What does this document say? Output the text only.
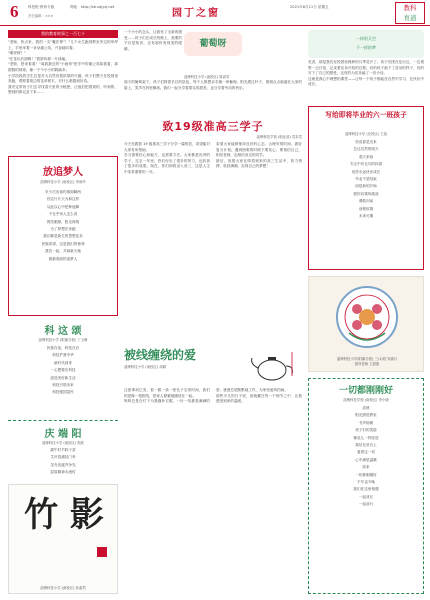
6	科技报·教育专版	网址：http://zb.sdjyzj.net
园丁之窗
2021年6月11日 星期五
责任编辑：×××
教科
育道
我的教育故事之一百七十
"老师，快点来，我的一支"魔法棒"！"几个女生跑到教室旁边的草坪上，手里举着一朵朵蒲公英，兴奋地叫着。
"哪里呀？"
"在花坛后面啊！"我望向那一片绿地。
"老师，您来看看！"离我最近的"小画家"把手中的蒲公英给我看，那圆圆的绒球，像一个个小小的降落伞。
小学阶段的学生总是对大自然有着浓厚的兴趣，孩子们整天在校园里奔跑，观察着周边的花草树木，对什么都感到好奇。
我决定带孩子们去寻找春天里的小秘密，让他们把看到的、听到的、想到的都记录下来……
放追梦人
淄博科技小学 (南校区) 李雨玲
多少次出寒伤寒卸脚两
你这片片天为和这样
从此以心中把种他脚
不在乎别人怎么说
擦亮眼睛，阳光再明
为了梦想在奔跑
我们都是新生的思想花朵
民族希望，这是我们的使命
我们一起，共商新天地
做最美丽的追梦人
科 这 颂
淄博科技小学 (附属分校) 丁玉琳
民族在前，科技在后
科技护我中华
新时代到来
一心想要在科技
创造美好新生活
科技引领未来
科技强国富民
庆 端 阳
淄博科技小学 (南校区) 郭欣
端午时节粽子香
艾叶菖蒲挂门旁
龙舟竞渡齐争先
屈原精神永流传
竹 影
淄博科技小学 (南校区) 孙嘉然
一个小小的念头，让我有了全新的感受……孩子们在成长的路上，需要的不仅是知识，还有那份发现美的眼睛。	葡萄呀
淄博科技小学 (南校区) 陈高雪
那天的葡萄架下，孩子们排着长长的队伍，每个人都想亲手摘一串葡萄。阳光透过叶子，斑斑点点地落在大家的脸上，笑声在风里飘荡。我们一起分享着果实的甜美，也分享着劳动的快乐。
致19级准高三学子
淄博科技学校 (职业部) 袁彩雪
今天先跟我 19 级准高三学子分享一篇短语，希望能对大家有所帮助。
学习需要信心和毅力，也需要方法。大家都是优秀的学子，过去一年里，你们付出了很多的努力，也收获了很多的成果。现在，你们即将迈入高三，这是人生中非常重要的一年。
希望大家能够保持良好的心态，合理安排时间，做好复习计划。遇到困难的时候不要灰心，要相信自己，相信老师，也相信身边的同学。
最后，祝愿大家在即将到来的高三生活中，努力拼搏，收获满满，实现自己的梦想！
被线缠绕的爱
淄博科技小学 (南校区) 周晴
注意事项已发，看一眼一条一张孔子宝贵时间，我们的爱像一根根线，把家人紧紧地缠绕在一起。
妈妈总是在灯下为我缝补衣服，一针一线都是满满的爱；爸爸总是默默地工作，为家里遮风挡雨。
那些平凡的日子里，爱就藏在每一个细节之中，让我感受到家的温暖。
一样的天空
不一样的梦
花香，那是我们在校园里栽种的月季花开了。孩子们围在花坛边，一边观察一边讨论，记录着花朵开放的过程。有的孩子画下了花朵的样子，有的写下了自己的感受，还有的为花朵编了一首小诗。
这就是我心中理想的课堂——让每一个孩子都能在自然中学习，在快乐中成长。
写给即将毕业的六一班孩子
淄博科技小学 (北校区) 王莫
你说春是迟来
总还自然的明天
春天来临
专注中有无尽的执着
祝你永远快乐成长
毕业不是结束
而是新的开始
愿你们乘风破浪
勇敢向前
前程似锦
未来可期
淄博科技小学(附属分校) 三(1)班 刘嘉月
指导老师 王甜甜
一切都刚刚好
淄博科技学校 (南校区) 李小晓
清晨
阳光照进教室
书声朗朗
孩子们的笑脸
像花儿一样绽放
我站在讲台上
看着这一切
心中满是温暖
原来
一切都刚刚好
不早也不晚
我们在这里相遇
一起成长
一起前行
